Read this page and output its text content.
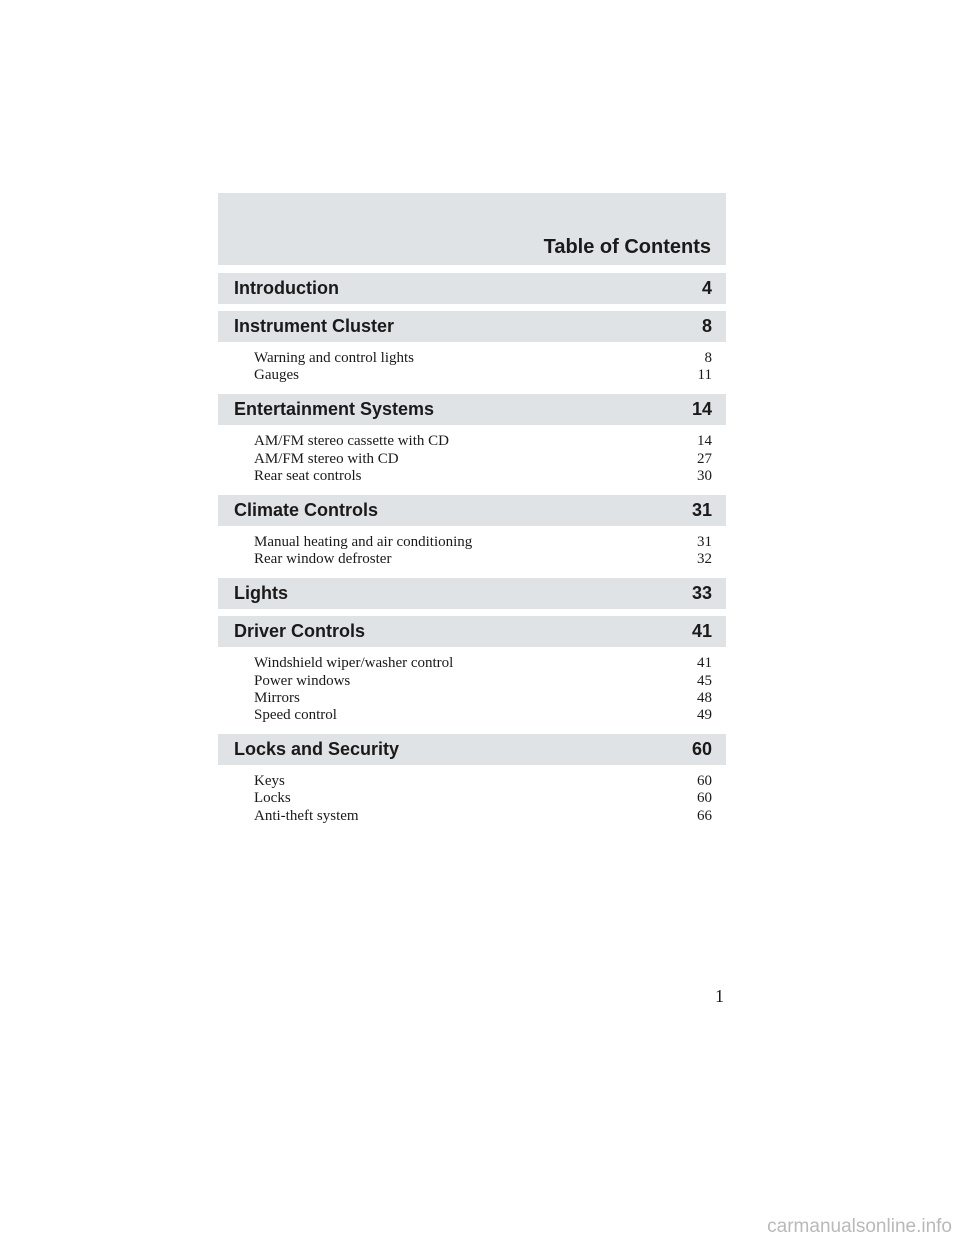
Table of Contents
Introduction	4
Instrument Cluster	8
Warning and control lights	8
Gauges	11
Entertainment Systems	14
AM/FM stereo cassette with CD	14
AM/FM stereo with CD	27
Rear seat controls	30
Climate Controls	31
Manual heating and air conditioning	31
Rear window defroster	32
Lights	33
Driver Controls	41
Windshield wiper/washer control	41
Power windows	45
Mirrors	48
Speed control	49
Locks and Security	60
Keys	60
Locks	60
Anti-theft system	66
1
carmanualsonline.info
